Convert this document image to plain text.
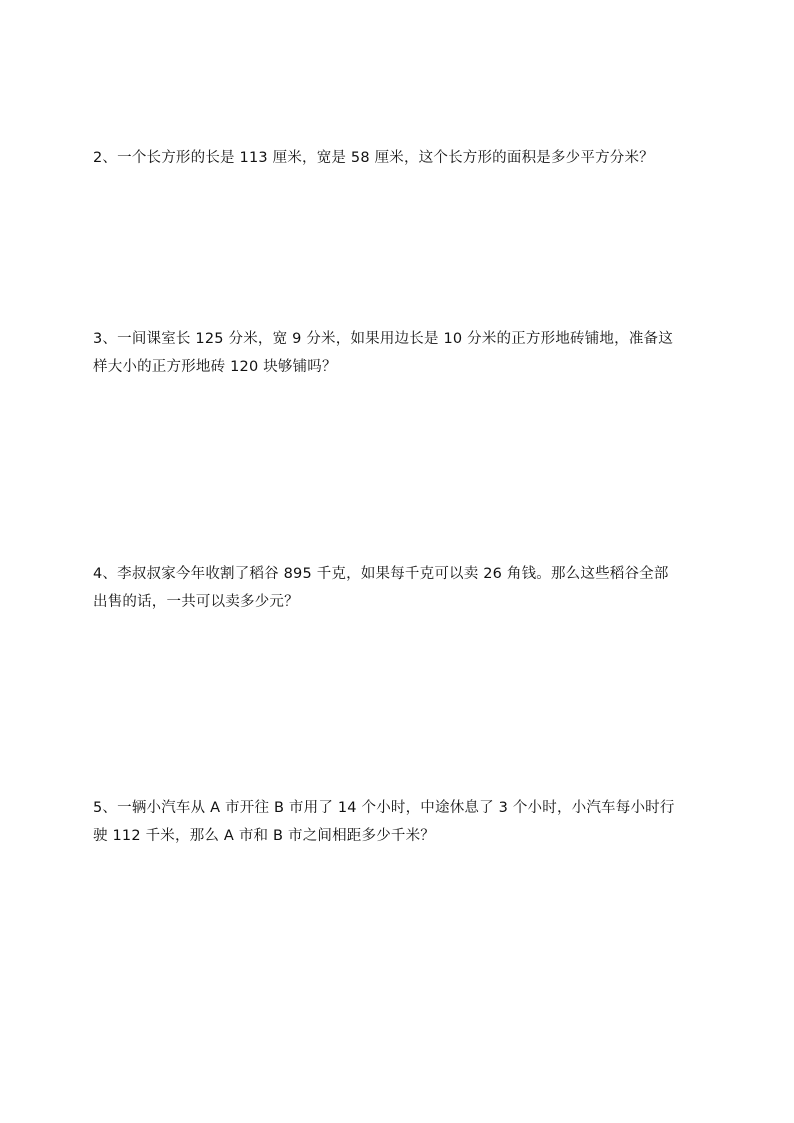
2、一个长方形的长是 113 厘米，宽是 58 厘米，这个长方形的面积是多少平方分米？
3、一间课室长 125 分米，宽 9 分米，如果用边长是 10 分米的正方形地砖铺地，准备这
样大小的正方形地砖 120 块够铺吗？
4、李叔叔家今年收割了稻谷 895 千克，如果每千克可以卖 26 角钱。那么这些稻谷全部
出售的话，一共可以卖多少元？
5、一辆小汽车从 A 市开往 B 市用了 14 个小时，中途休息了 3 个小时，小汽车每小时行
驶 112 千米，那么 A 市和 B 市之间相距多少千米？
